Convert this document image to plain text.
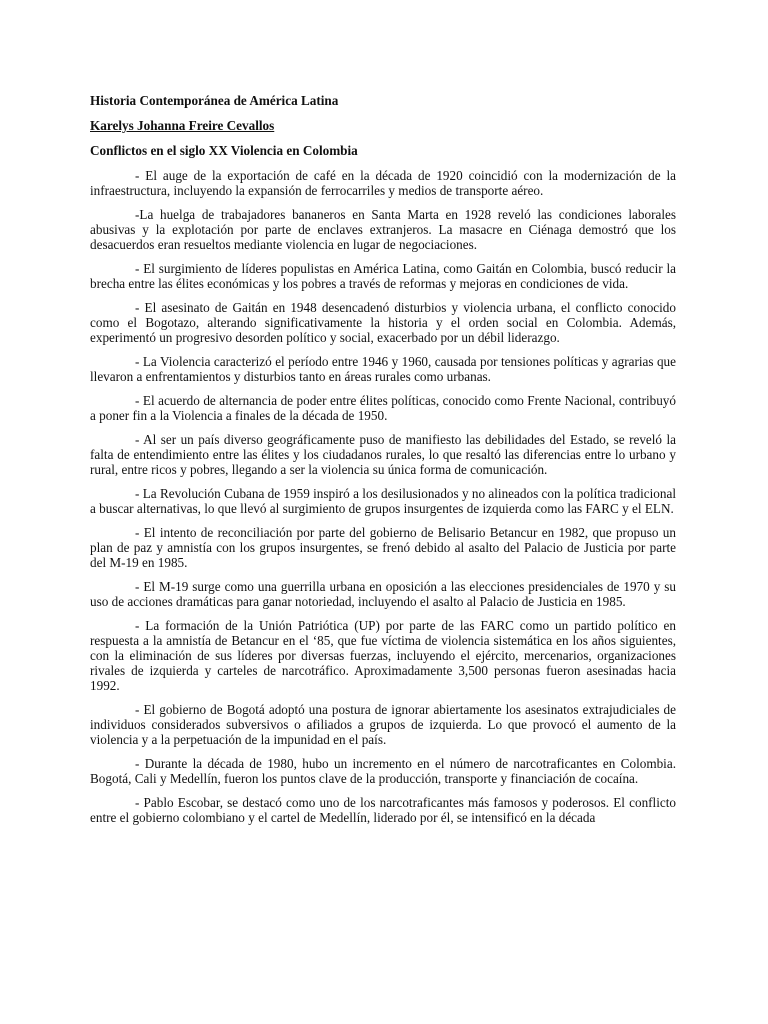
Historia Contemporánea de América Latina
Karelys Johanna Freire Cevallos
Conflictos en el siglo XX Violencia en Colombia

- El auge de la exportación de café en la década de 1920 coincidió con la modernización de la infraestructura, incluyendo la expansión de ferrocarriles y medios de transporte aéreo.

-La huelga de trabajadores bananeros en Santa Marta en 1928 reveló las condiciones laborales abusivas y la explotación por parte de enclaves extranjeros. La masacre en Ciénaga demostró que los desacuerdos eran resueltos mediante violencia en lugar de negociaciones.

- El surgimiento de líderes populistas en América Latina, como Gaitán en Colombia, buscó reducir la brecha entre las élites económicas y los pobres a través de reformas y mejoras en condiciones de vida.

- El asesinato de Gaitán en 1948 desencadenó disturbios y violencia urbana, el conflicto conocido como el Bogotazo, alterando significativamente la historia y el orden social en Colombia. Además, experimentó un progresivo desorden político y social, exacerbado por un débil liderazgo.

- La Violencia caracterizó el período entre 1946 y 1960, causada por tensiones políticas y agrarias que llevaron a enfrentamientos y disturbios tanto en áreas rurales como urbanas.

- El acuerdo de alternancia de poder entre élites políticas, conocido como Frente Nacional, contribuyó a poner fin a la Violencia a finales de la década de 1950.

- Al ser un país diverso geográficamente puso de manifiesto las debilidades del Estado, se reveló la falta de entendimiento entre las élites y los ciudadanos rurales, lo que resaltó las diferencias entre lo urbano y rural, entre ricos y pobres, llegando a ser la violencia su única forma de comunicación.

- La Revolución Cubana de 1959 inspiró a los desilusionados y no alineados con la política tradicional a buscar alternativas, lo que llevó al surgimiento de grupos insurgentes de izquierda como las FARC y el ELN.

- El intento de reconciliación por parte del gobierno de Belisario Betancur en 1982, que propuso un plan de paz y amnistía con los grupos insurgentes, se frenó debido al asalto del Palacio de Justicia por parte del M-19 en 1985.

- El M-19 surge como una guerrilla urbana en oposición a las elecciones presidenciales de 1970 y su uso de acciones dramáticas para ganar notoriedad, incluyendo el asalto al Palacio de Justicia en 1985.

- La formación de la Unión Patriótica (UP) por parte de las FARC como un partido político en respuesta a la amnistía de Betancur en el ‘85, que fue víctima de violencia sistemática en los años siguientes, con la eliminación de sus líderes por diversas fuerzas, incluyendo el ejército, mercenarios, organizaciones rivales de izquierda y carteles de narcotráfico. Aproximadamente 3,500 personas fueron asesinadas hacia 1992.

- El gobierno de Bogotá adoptó una postura de ignorar abiertamente los asesinatos extrajudiciales de individuos considerados subversivos o afiliados a grupos de izquierda. Lo que provocó el aumento de la violencia y a la perpetuación de la impunidad en el país.

- Durante la década de 1980, hubo un incremento en el número de narcotraficantes en Colombia. Bogotá, Cali y Medellín, fueron los puntos clave de la producción, transporte y financiación de cocaína.

- Pablo Escobar, se destacó como uno de los narcotraficantes más famosos y poderosos. El conflicto entre el gobierno colombiano y el cartel de Medellín, liderado por él, se intensificó en la década
